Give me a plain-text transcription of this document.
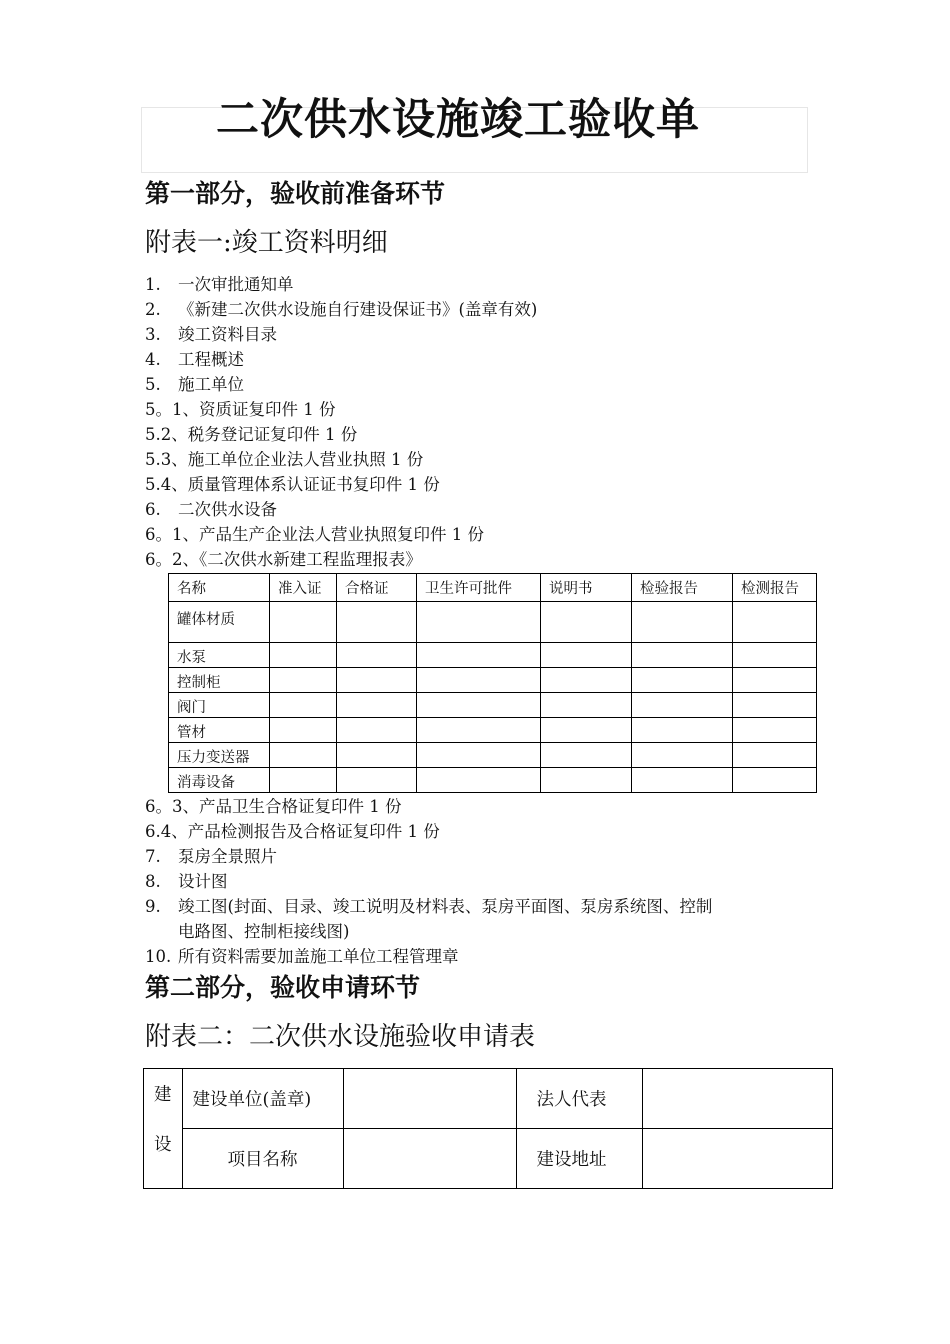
二次供水设施竣工验收单
第一部分，验收前准备环节
附表一:竣工资料明细
1. 一次审批通知单
2. 《新建二次供水设施自行建设保证书》(盖章有效)
3. 竣工资料目录
4. 工程概述
5. 施工单位
5。1、资质证复印件 1 份
5.2、税务登记证复印件 1 份
5.3、施工单位企业法人营业执照 1 份
5.4、质量管理体系认证证书复印件 1 份
6. 二次供水设备
6。1、产品生产企业法人营业执照复印件 1 份
6。2、《二次供水新建工程监理报表》
名称	准入证	合格证	卫生许可批件	说明书	检验报告	检测报告
罐体材质						
水泵						
控制柜						
阀门						
管材						
压力变送器						
消毒设备						
6。3、产品卫生合格证复印件 1 份
6.4、产品检测报告及合格证复印件 1 份
7. 泵房全景照片
8. 设计图
9. 竣工图(封面、目录、竣工说明及材料表、泵房平面图、泵房系统图、控制
电路图、控制柜接线图)
10. 所有资料需要加盖施工单位工程管理章
第二部分，验收申请环节
附表二：二次供水设施验收申请表
建
设	建设单位(盖章)		法人代表	
	项目名称		建设地址	
